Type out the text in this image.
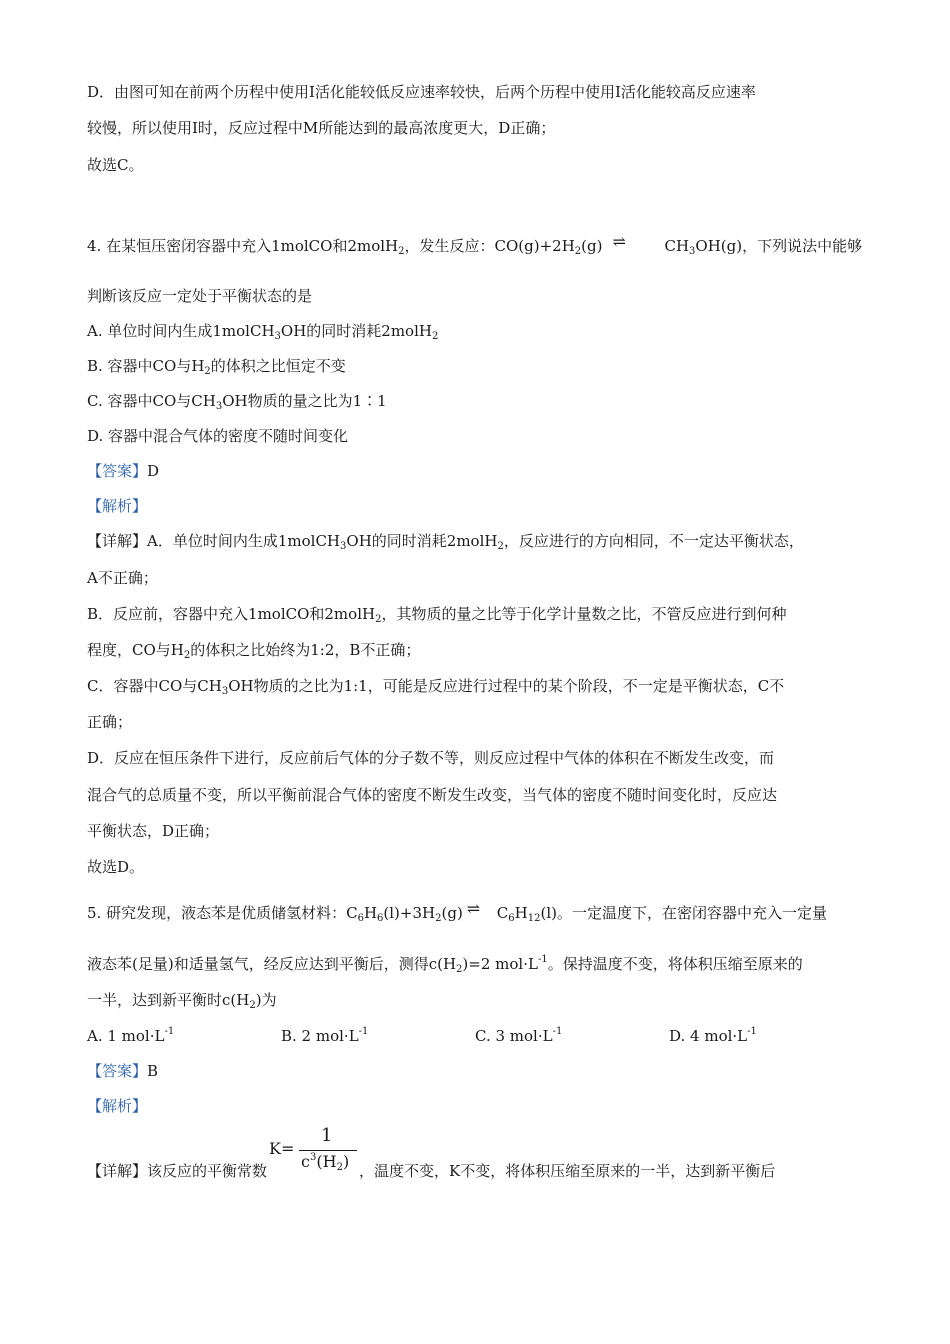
D．由图可知在前两个历程中使用Ⅰ活化能较低反应速率较快，后两个历程中使用Ⅰ活化能较高反应速率
较慢，所以使用Ⅰ时，反应过程中M所能达到的最高浓度更大，D正确；
故选C。
4. 在某恒压密闭容器中充入1molCO和2molH$_2$，发生反应：$CO(g)+2H_2(g)$ ⇌	$CH_3OH(g)$，下列说法中能够
判断该反应一定处于平衡状态的是
A. 单位时间内生成1molCH$_3$OH的同时消耗2molH$_2$
B. 容器中CO与$H_2$的体积之比恒定不变
C. 容器中CO与$CH_3OH$物质的量之比为1∶1
D. 容器中混合气体的密度不随时间变化
【答案】D
【解析】
【详解】A．单位时间内生成1molCH$_3$OH的同时消耗2molH$_2$，反应进行的方向相同，不一定达平衡状态，
A不正确；
B．反应前，容器中充入1molCO和2molH$_2$，其物质的量之比等于化学计量数之比，不管反应进行到何种
程度，CO与$H_2$的体积之比始终为1:2，B不正确；
C．容器中CO与$CH_3OH$物质的之比为1:1，可能是反应进行过程中的某个阶段，不一定是平衡状态，C不
正确；
D．反应在恒压条件下进行，反应前后气体的分子数不等，则反应过程中气体的体积在不断发生改变，而
混合气的总质量不变，所以平衡前混合气体的密度不断发生改变，当气体的密度不随时间变化时，反应达
平衡状态，D正确；
故选D。
5. 研究发现，液态苯是优质储氢材料：$C_6H_6(l)+3H_2(g)$ ⇌ $C_6H_{12}(l)$。一定温度下，在密闭容器中充入一定量
液态苯(足量)和适量氢气，经反应达到平衡后，测得$c(H_2)=2$ $mol\cdot L^{-1}$。保持温度不变，将体积压缩至原来的
一半，达到新平衡时$c(H_2)$为
A. 1 $mol\cdot L^{-1}$	B. 2 $mol\cdot L^{-1}$	C. 3 $mol\cdot L^{-1}$	D. 4 $mol\cdot L^{-1}$
【答案】B
【解析】
【详解】该反应的平衡常数
K=
1
$c^3(H_2)$ ，温度不变，K不变，将体积压缩至原来的一半，达到新平衡后
